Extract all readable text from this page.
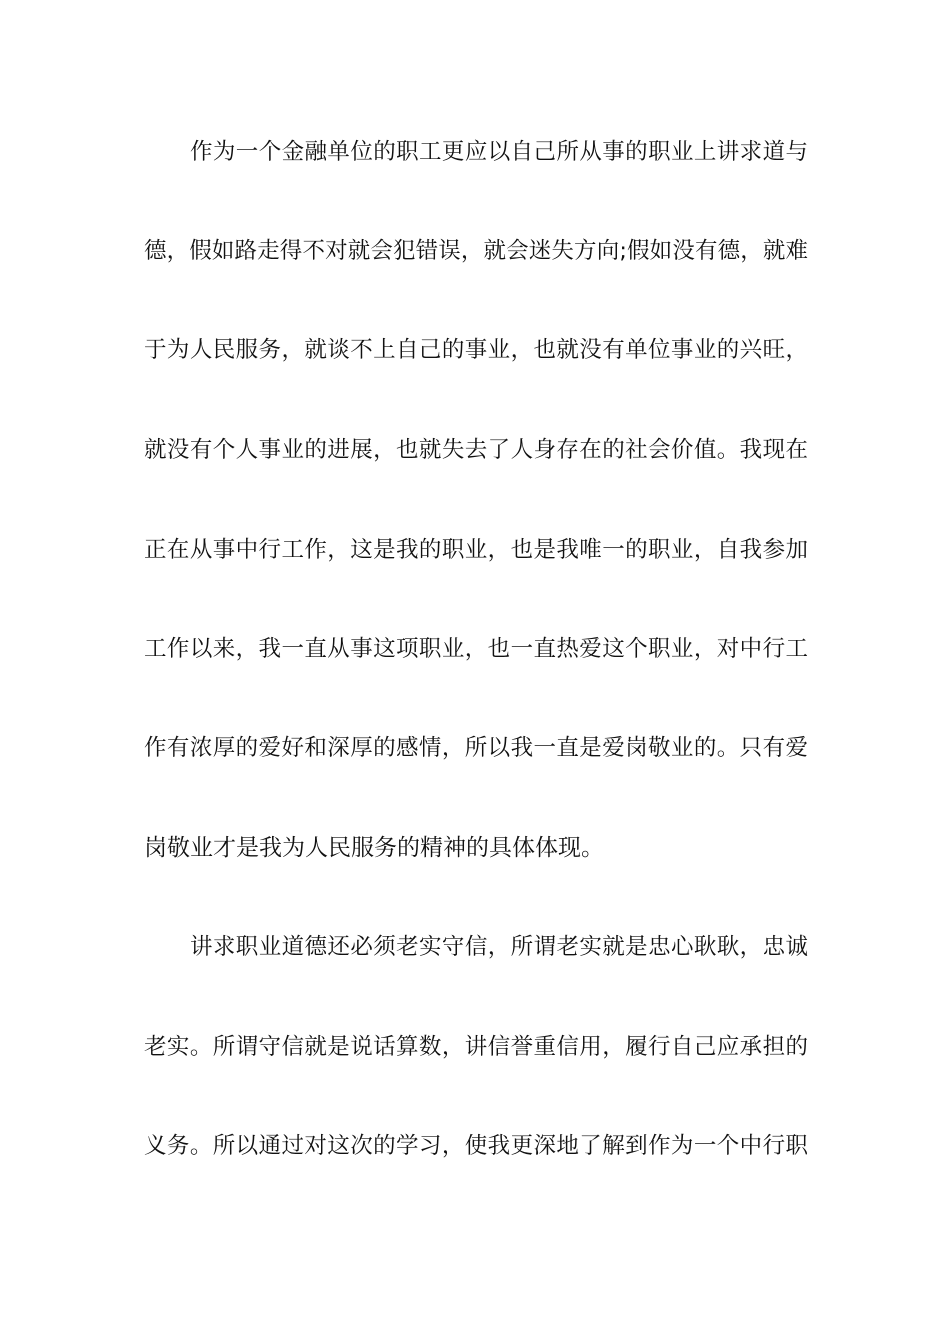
作为一个金融单位的职工更应以自己所从事的职业上讲求道与
德，假如路走得不对就会犯错误，就会迷失方向;假如没有德，就难
于为人民服务，就谈不上自己的事业，也就没有单位事业的兴旺，
就没有个人事业的进展，也就失去了人身存在的社会价值。我现在
正在从事中行工作，这是我的职业，也是我唯一的职业，自我参加
工作以来，我一直从事这项职业，也一直热爱这个职业，对中行工
作有浓厚的爱好和深厚的感情，所以我一直是爱岗敬业的。只有爱
岗敬业才是我为人民服务的精神的具体体现。
讲求职业道德还必须老实守信，所谓老实就是忠心耿耿，忠诚
老实。所谓守信就是说话算数，讲信誉重信用，履行自己应承担的
义务。所以通过对这次的学习，使我更深地了解到作为一个中行职
